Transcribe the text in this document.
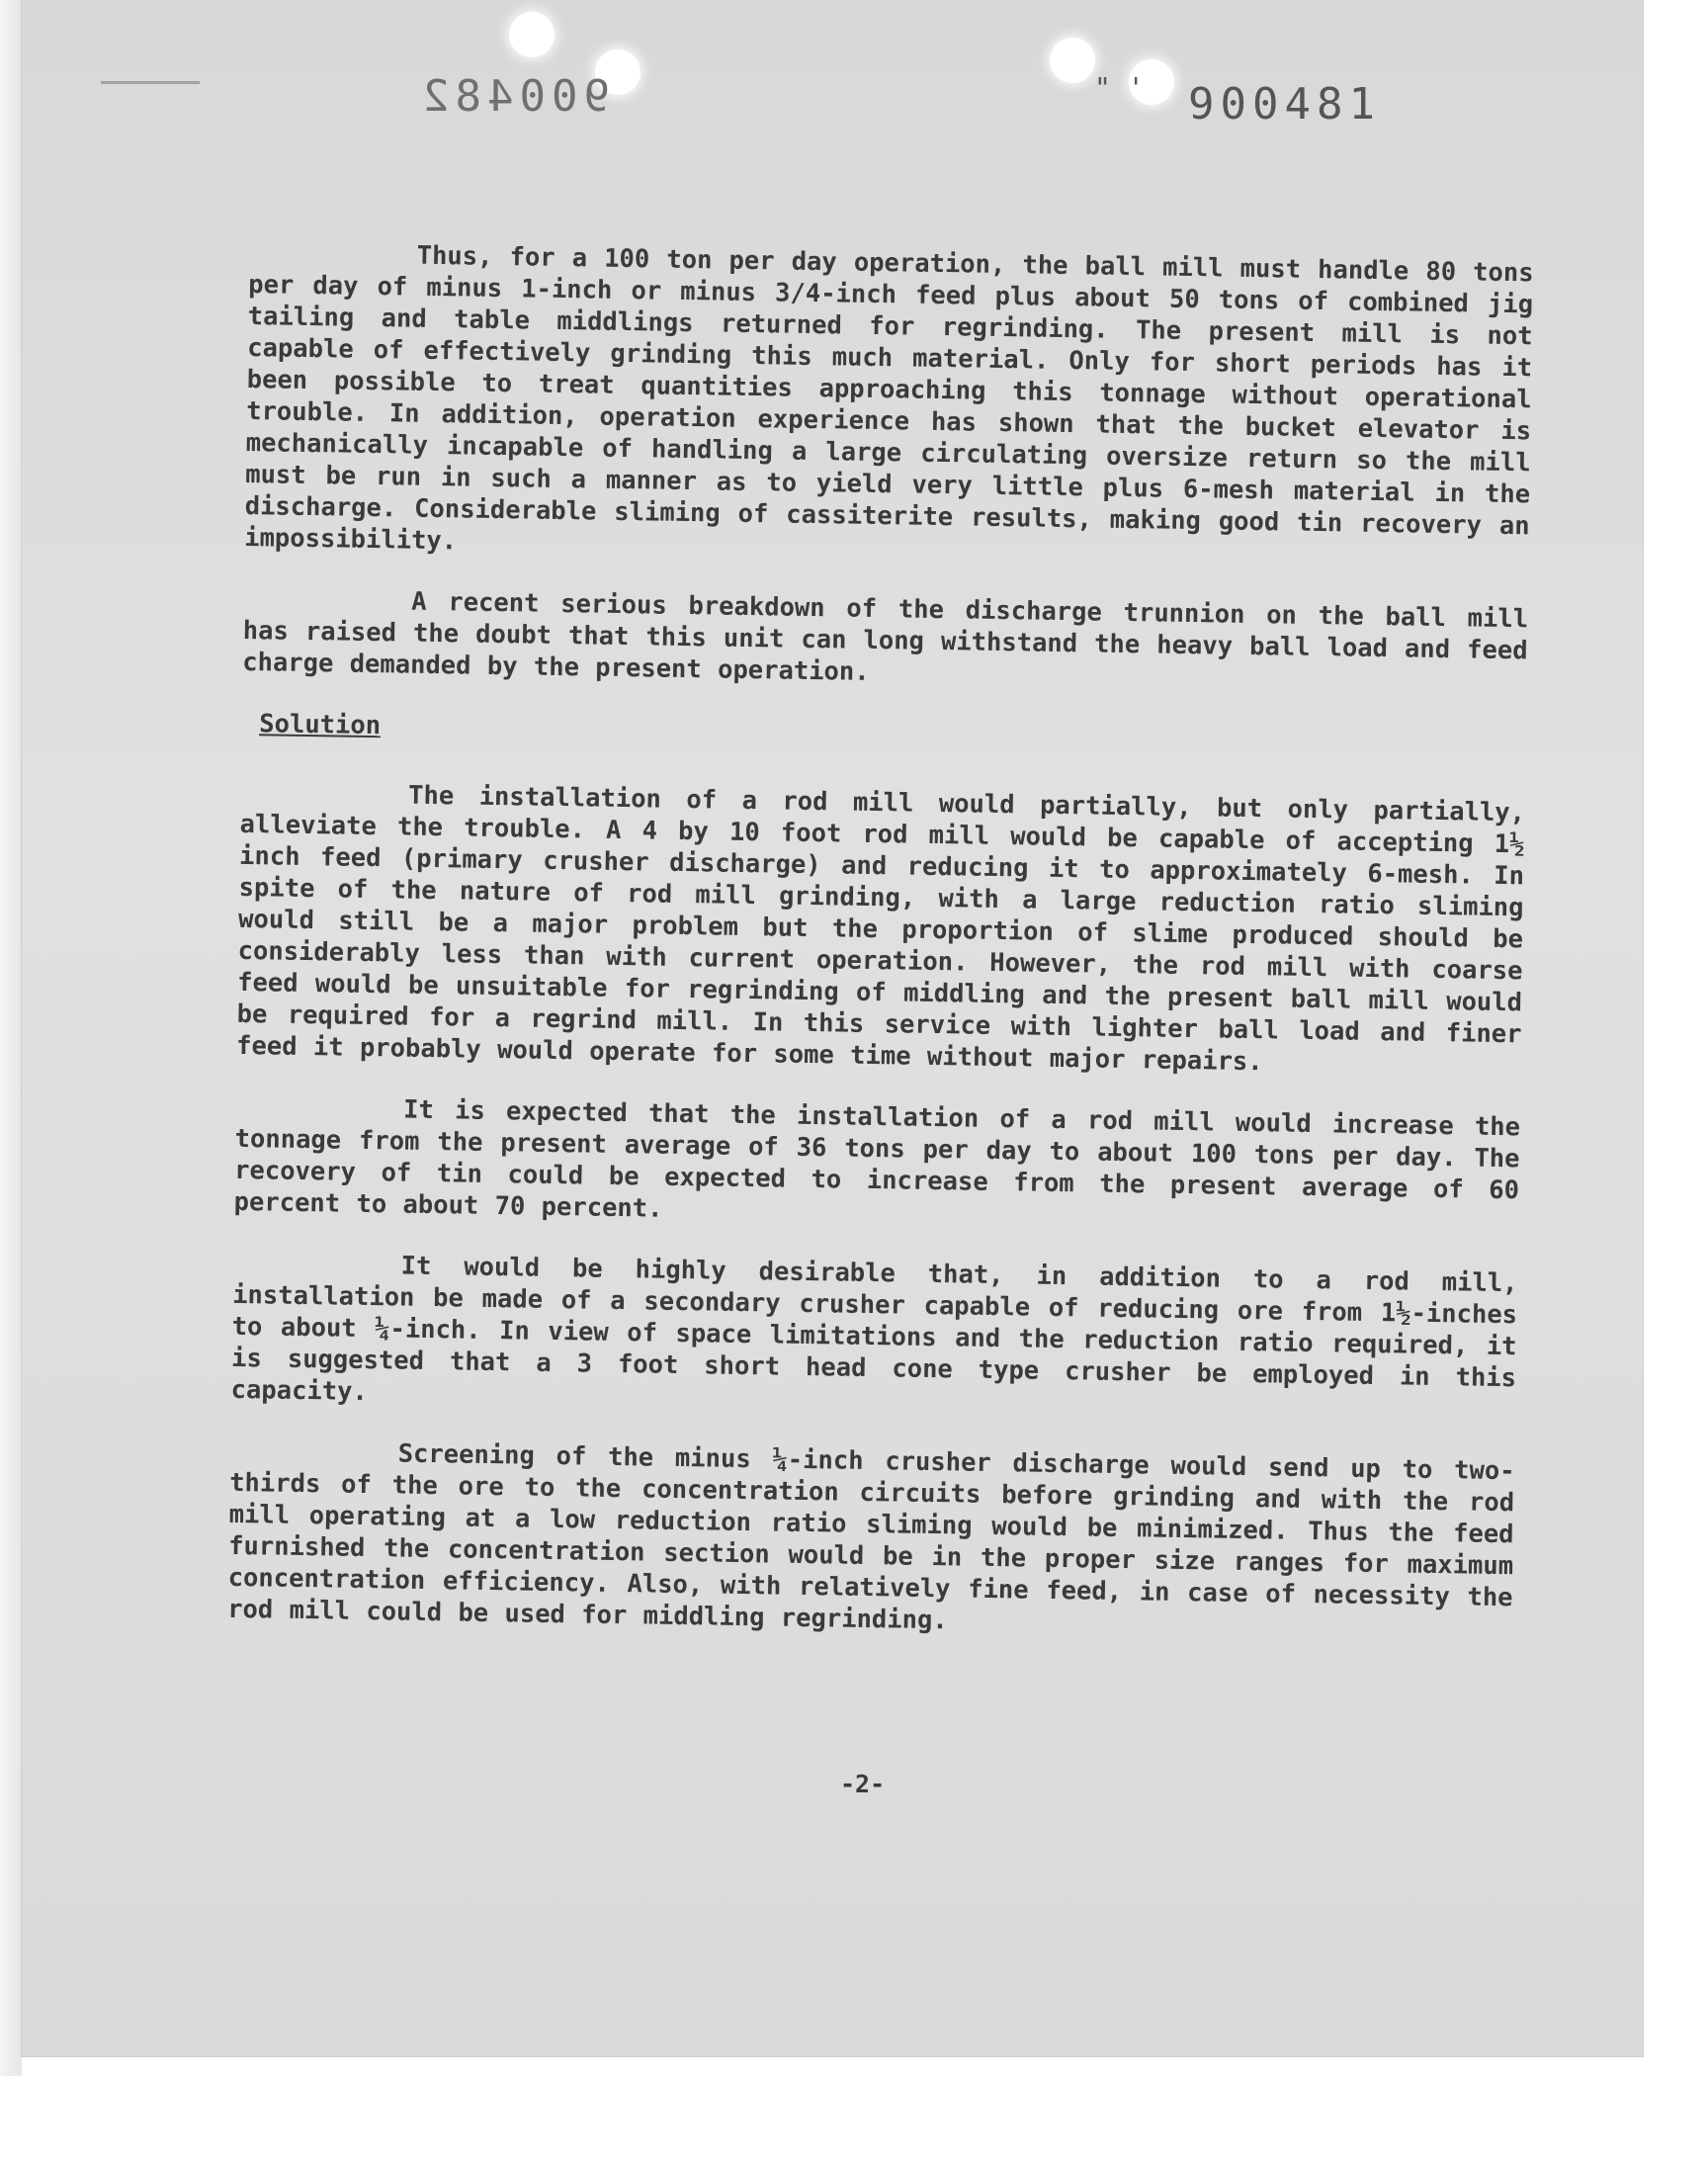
900482	" ' 900481

Thus, for a 100 ton per day operation, the ball mill must handle 80 tons per day of minus 1-inch or minus 3/4-inch feed plus about 50 tons of combined jig tailing and table middlings returned for regrinding. The present mill is not capable of effectively grinding this much material. Only for short periods has it been possible to treat quantities approaching this tonnage without operational trouble. In addition, operation experience has shown that the bucket elevator is mechanically incapable of handling a large circulating oversize return so the mill must be run in such a manner as to yield very little plus 6-mesh material in the discharge. Considerable sliming of cassiterite results, making good tin recovery an impossibility.

A recent serious breakdown of the discharge trunnion on the ball mill has raised the doubt that this unit can long withstand the heavy ball load and feed charge demanded by the present operation.

Solution

The installation of a rod mill would partially, but only partially, alleviate the trouble. A 4 by 10 foot rod mill would be capable of accepting 1½ inch feed (primary crusher discharge) and reducing it to approximately 6-mesh. In spite of the nature of rod mill grinding, with a large reduction ratio sliming would still be a major problem but the proportion of slime produced should be considerably less than with current operation. However, the rod mill with coarse feed would be unsuitable for regrinding of middling and the present ball mill would be required for a regrind mill. In this service with lighter ball load and finer feed it probably would operate for some time without major repairs.

It is expected that the installation of a rod mill would increase the tonnage from the present average of 36 tons per day to about 100 tons per day. The recovery of tin could be expected to increase from the present average of 60 percent to about 70 percent.

It would be highly desirable that, in addition to a rod mill, installation be made of a secondary crusher capable of reducing ore from 1½-inches to about ¼-inch. In view of space limitations and the reduction ratio required, it is suggested that a 3 foot short head cone type crusher be employed in this capacity.

Screening of the minus ¼-inch crusher discharge would send up to two-thirds of the ore to the concentration circuits before grinding and with the rod mill operating at a low reduction ratio sliming would be minimized. Thus the feed furnished the concentration section would be in the proper size ranges for maximum concentration efficiency. Also, with relatively fine feed, in case of necessity the rod mill could be used for middling regrinding.

-2-
